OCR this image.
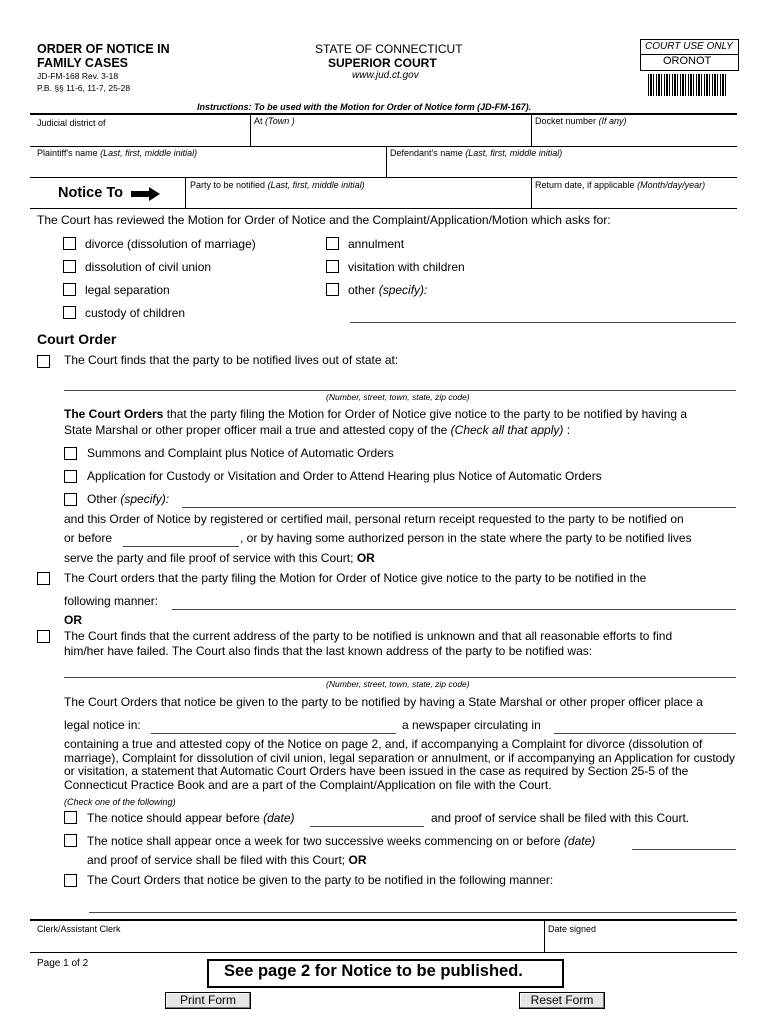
ORDER OF NOTICE IN
FAMILY CASES
JD-FM-168 Rev. 3-18
P.B. §§ 11-6, 11-7, 25-28
STATE OF CONNECTICUT
SUPERIOR COURT
www.jud.ct.gov
COURT USE ONLY
ORONOT
Instructions: To be used with the Motion for Order of Notice form (JD-FM-167).
Judicial district of	At (Town )	Docket number (If any)
Plaintiff's name (Last, first, middle initial)	Defendant's name (Last, first, middle initial)
Notice To	Party to be notified (Last, first, middle initial)	Return date, if applicable (Month/day/year)
The Court has reviewed the Motion for Order of Notice and the Complaint/Application/Motion which asks for:
divorce (dissolution of marriage)	annulment
dissolution of civil union	visitation with children
legal separation	other (specify):
custody of children
Court Order
The Court finds that the party to be notified lives out of state at:
(Number, street, town, state, zip code)
The Court Orders that the party filing the Motion for Order of Notice give notice to the party to be notified by having a
State Marshal or other proper officer mail a true and attested copy of the (Check all that apply) :
Summons and Complaint plus Notice of Automatic Orders
Application for Custody or Visitation and Order to Attend Hearing plus Notice of Automatic Orders
Other (specify):
and this Order of Notice by registered or certified mail, personal return receipt requested to the party to be notified on
or before	, or by having some authorized person in the state where the party to be notified lives
serve the party and file proof of service with this Court; OR
The Court orders that the party filing the Motion for Order of Notice give notice to the party to be notified in the
following manner:
OR
The Court finds that the current address of the party to be notified is unknown and that all reasonable efforts to find
him/her have failed. The Court also finds that the last known address of the party to be notified was:
(Number, street, town, state, zip code)
The Court Orders that notice be given to the party to be notified by having a State Marshal or other proper officer place a
legal notice in:	a newspaper circulating in
containing a true and attested copy of the Notice on page 2, and, if accompanying a Complaint for divorce (dissolution of marriage), Complaint for dissolution of civil union, legal separation or annulment, or if accompanying an Application for custody or visitation, a statement that Automatic Court Orders have been issued in the case as required by Section 25-5 of the Connecticut Practice Book and are a part of the Complaint/Application on file with the Court.
(Check one of the following)
The notice should appear before (date)	and proof of service shall be filed with this Court.
The notice shall appear once a week for two successive weeks commencing on or before (date)
and proof of service shall be filed with this Court; OR
The Court Orders that notice be given to the party to be notified in the following manner:
Clerk/Assistant Clerk	Date signed
Page 1 of 2	See page 2 for Notice to be published.
Print Form	Reset Form
